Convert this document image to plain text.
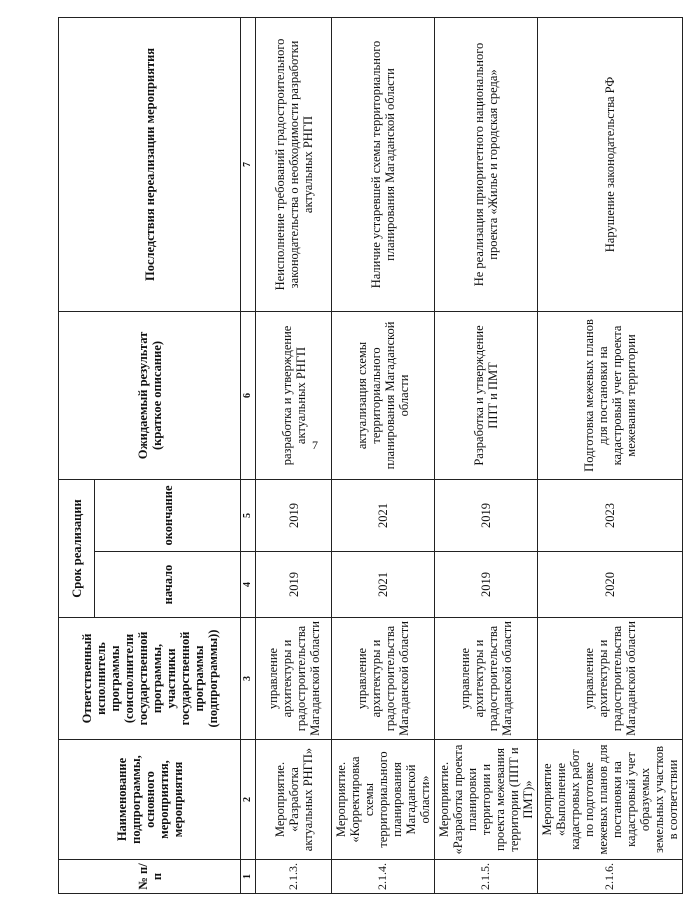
7
№ п/п	Наименование подпрограммы, основного мероприятия, мероприятия	Ответственный исполнитель программы (соисполнители государственной программы, участники государственной программы (подпрограммы))	Срок реализации		Ожидаемый результат (краткое описание)	Последствия нереализации мероприятия
			начало	окончание		
1	2	3	4	5	6	7
2.1.3.	Мероприятие. «Разработка актуальных РНГП»	управление архитектуры и градостроительства Магаданской области	2019	2019	разработка и утверждение актуальных РНГП	Неисполнение требований градостроительного законодательства о необходимости разработки актуальных РНГП
2.1.4.	Мероприятие. «Корректировка схемы территориального планирования Магаданской области»	управление архитектуры и градостроительства Магаданской области	2021	2021	актуализация схемы территориального планирования Магаданской области	Наличие устаревшей схемы территориального планирования Магаданской области
2.1.5.	Мероприятие. «Разработка проекта планировки территории и проекта межевания территории (ППТ и ПМТ)»	управление архитектуры и градостроительства Магаданской области	2019	2019	Разработка и утверждение ППТ и ПМТ	Не реализация приоритетного национального проекта «Жилье и городская среда»
2.1.6.	Мероприятие «Выполнение кадастровых работ по подготовке межевых планов для постановки на кадастровый учет образуемых земельных участков в соответствии	управление архитектуры и градостроительства Магаданской области	2020	2023	Подготовка межевых планов для постановки на кадастровый учет проекта межевания территории	Нарушение законодательства РФ
